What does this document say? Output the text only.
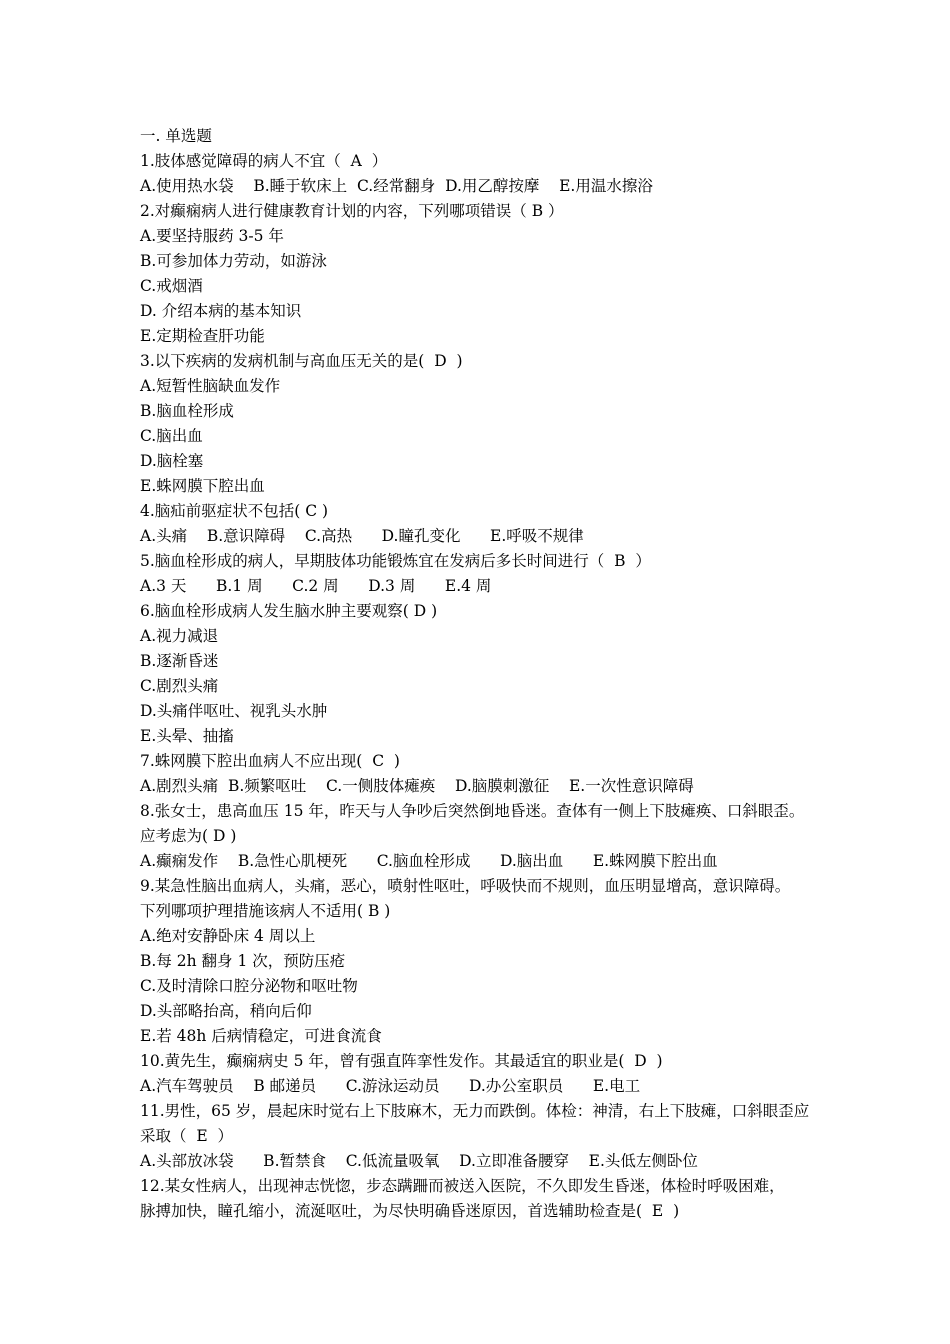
一. 单选题
1.肢体感觉障碍的病人不宜（  A  ）
A.使用热水袋    B.睡于软床上  C.经常翻身  D.用乙醇按摩    E.用温水擦浴
2.对癫痫病人进行健康教育计划的内容，下列哪项错误（ B ）
A.要坚持服药 3-5 年
B.可参加体力劳动，如游泳
C.戒烟酒
D. 介绍本病的基本知识
E.定期检查肝功能
3.以下疾病的发病机制与高血压无关的是(  D  )
A.短暂性脑缺血发作
B.脑血栓形成
C.脑出血
D.脑栓塞
E.蛛网膜下腔出血
4.脑疝前驱症状不包括( C )
A.头痛    B.意识障碍    C.高热      D.瞳孔变化      E.呼吸不规律
5.脑血栓形成的病人，早期肢体功能锻炼宜在发病后多长时间进行（  B  ）
A.3 天      B.1 周      C.2 周      D.3 周      E.4 周
6.脑血栓形成病人发生脑水肿主要观察( D )
A.视力减退
B.逐渐昏迷
C.剧烈头痛
D.头痛伴呕吐、视乳头水肿
E.头晕、抽搐
7.蛛网膜下腔出血病人不应出现(  C  )
A.剧烈头痛  B.频繁呕吐    C.一侧肢体瘫痪    D.脑膜刺激征    E.一次性意识障碍
8.张女士，患高血压 15 年，昨天与人争吵后突然倒地昏迷。查体有一侧上下肢瘫痪、口斜眼歪。
应考虑为( D )
A.癫痫发作    B.急性心肌梗死      C.脑血栓形成      D.脑出血      E.蛛网膜下腔出血
9.某急性脑出血病人，头痛，恶心，喷射性呕吐，呼吸快而不规则，血压明显增高，意识障碍。
下列哪项护理措施该病人不适用( B )
A.绝对安静卧床 4 周以上
B.每 2h 翻身 1 次，预防压疮
C.及时清除口腔分泌物和呕吐物
D.头部略抬高，稍向后仰
E.若 48h 后病情稳定，可进食流食
10.黄先生，癫痫病史 5 年，曾有强直阵挛性发作。其最适宜的职业是(  D  )
A.汽车驾驶员    B 邮递员      C.游泳运动员      D.办公室职员      E.电工
11.男性，65 岁，晨起床时觉右上下肢麻木，无力而跌倒。体检：神清，右上下肢瘫，口斜眼歪应
采取（  E  ）
A.头部放冰袋      B.暂禁食    C.低流量吸氧    D.立即准备腰穿    E.头低左侧卧位
12.某女性病人，出现神志恍惚，步态蹒跚而被送入医院，不久即发生昏迷，体检时呼吸困难，
脉搏加快，瞳孔缩小，流涎呕吐，为尽快明确昏迷原因，首选辅助检查是(  E  )
